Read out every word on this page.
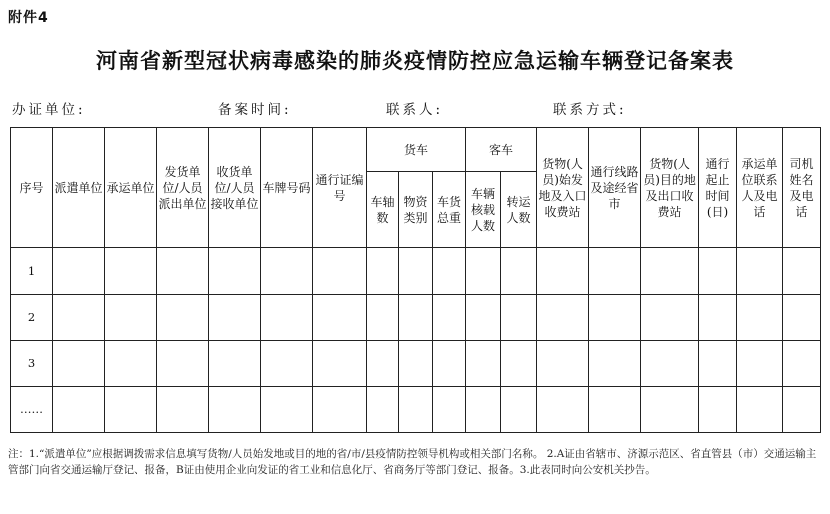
附件4
河南省新型冠状病毒感染的肺炎疫情防控应急运输车辆登记备案表
办证单位:	备案时间:	联系人:	联系方式:
序号	派遣单位	承运单位	发货单位/人员派出单位	收货单位/人员接收单位	车牌号码	通行证编号	货车			客车		货物(人员)始发地及入口收费站	通行线路及途经省市	货物(人员)目的地及出口收费站	通行起止时间(日)	承运单位联系人及电话	司机姓名及电话
							车轴数	物资类别	车货总重	车辆核载人数	转运人数						
1																	
2																	
3																	
……																	
注：1.“派遣单位”应根据调拨需求信息填写货物/人员始发地或目的地的省/市/县疫情防控领导机构或相关部门名称。 2.A证由省辖市、济源示范区、省直管县（市）交通运输主管部门向省交通运输厅登记、报备，B证由使用企业向发证的省工业和信息化厅、省商务厅等部门登记、报备。3.此表同时向公安机关抄告。
